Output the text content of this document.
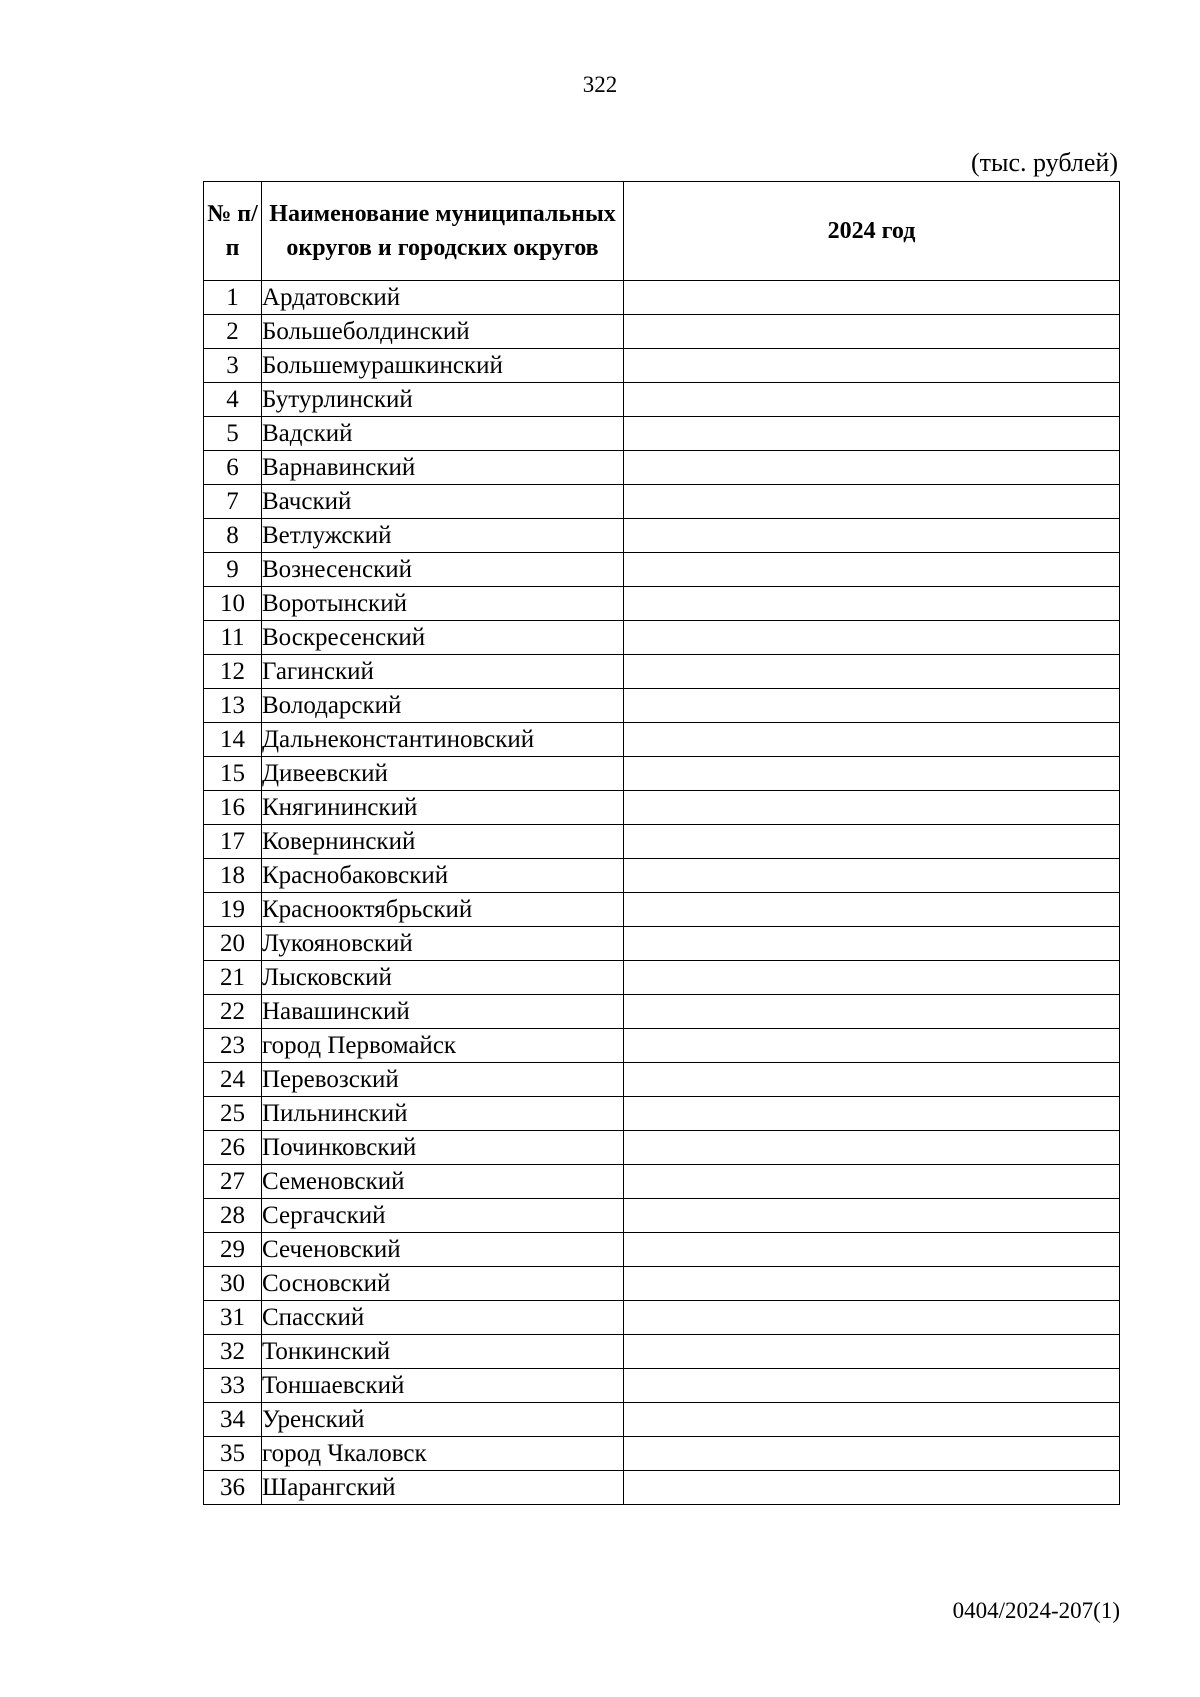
322
(тыс. рублей)
№ п/п	Наименование муниципальных округов и городских округов	2024 год
1	Ардатовский	
2	Большеболдинский	
3	Большемурашкинский	
4	Бутурлинский	
5	Вадский	
6	Варнавинский	
7	Вачский	
8	Ветлужский	
9	Вознесенский	
10	Воротынский	
11	Воскресенский	
12	Гагинский	
13	Володарский	
14	Дальнеконстантиновский	
15	Дивеевский	
16	Княгининский	
17	Ковернинский	
18	Краснобаковский	
19	Краснооктябрьский	
20	Лукояновский	
21	Лысковский	
22	Навашинский	
23	город Первомайск	
24	Перевозский	
25	Пильнинский	
26	Починковский	
27	Семеновский	
28	Сергачский	
29	Сеченовский	
30	Сосновский	
31	Спасский	
32	Тонкинский	
33	Тоншаевский	
34	Уренский	
35	город Чкаловск	
36	Шарангский	
0404/2024-207(1)
